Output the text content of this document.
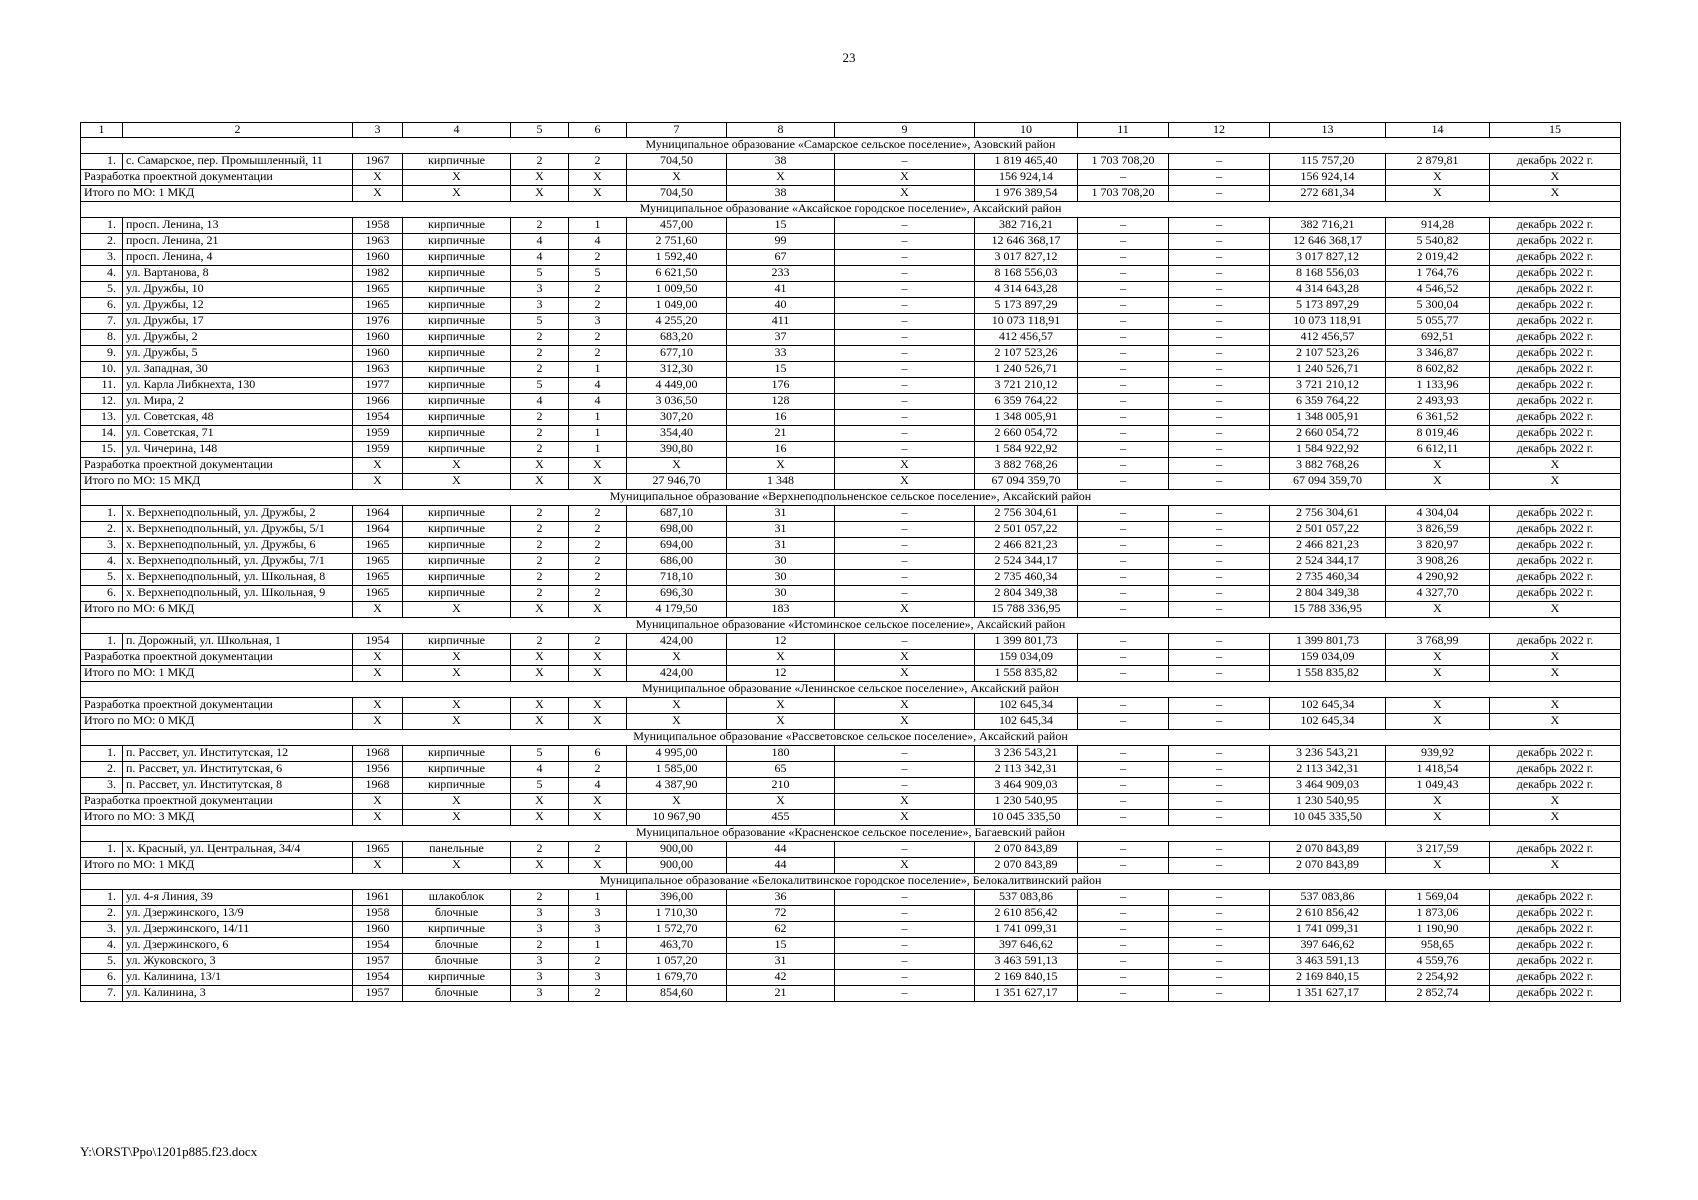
23
1	2	3	4	5	6	7	8	9	10	11	12	13	14	15
Муниципальное образование «Самарское сельское поселение», Азовский район														
1.	с. Самарское, пер. Промышленный, 11	1967	кирпичные	2	2	704,50	38	–	1 819 465,40	1 703 708,20	–	115 757,20	2 879,81	декабрь 2022 г.
Разработка проектной документации		X	X	X	X	X	X	X	156 924,14	–	–	156 924,14	X	X
Итого по МО: 1 МКД		X	X	X	X	704,50	38	X	1 976 389,54	1 703 708,20	–	272 681,34	X	X
Муниципальное образование «Аксайское городское поселение», Аксайский район														
1.	просп. Ленина, 13	1958	кирпичные	2	1	457,00	15	–	382 716,21	–	–	382 716,21	914,28	декабрь 2022 г.
2.	просп. Ленина, 21	1963	кирпичные	4	4	2 751,60	99	–	12 646 368,17	–	–	12 646 368,17	5 540,82	декабрь 2022 г.
3.	просп. Ленина, 4	1960	кирпичные	4	2	1 592,40	67	–	3 017 827,12	–	–	3 017 827,12	2 019,42	декабрь 2022 г.
4.	ул. Вартанова, 8	1982	кирпичные	5	5	6 621,50	233	–	8 168 556,03	–	–	8 168 556,03	1 764,76	декабрь 2022 г.
5.	ул. Дружбы, 10	1965	кирпичные	3	2	1 009,50	41	–	4 314 643,28	–	–	4 314 643,28	4 546,52	декабрь 2022 г.
6.	ул. Дружбы, 12	1965	кирпичные	3	2	1 049,00	40	–	5 173 897,29	–	–	5 173 897,29	5 300,04	декабрь 2022 г.
7.	ул. Дружбы, 17	1976	кирпичные	5	3	4 255,20	411	–	10 073 118,91	–	–	10 073 118,91	5 055,77	декабрь 2022 г.
8.	ул. Дружбы, 2	1960	кирпичные	2	2	683,20	37	–	412 456,57	–	–	412 456,57	692,51	декабрь 2022 г.
9.	ул. Дружбы, 5	1960	кирпичные	2	2	677,10	33	–	2 107 523,26	–	–	2 107 523,26	3 346,87	декабрь 2022 г.
10.	ул. Западная, 30	1963	кирпичные	2	1	312,30	15	–	1 240 526,71	–	–	1 240 526,71	8 602,82	декабрь 2022 г.
11.	ул. Карла Либкнехта, 130	1977	кирпичные	5	4	4 449,00	176	–	3 721 210,12	–	–	3 721 210,12	1 133,96	декабрь 2022 г.
12.	ул. Мира, 2	1966	кирпичные	4	4	3 036,50	128	–	6 359 764,22	–	–	6 359 764,22	2 493,93	декабрь 2022 г.
13.	ул. Советская, 48	1954	кирпичные	2	1	307,20	16	–	1 348 005,91	–	–	1 348 005,91	6 361,52	декабрь 2022 г.
14.	ул. Советская, 71	1959	кирпичные	2	1	354,40	21	–	2 660 054,72	–	–	2 660 054,72	8 019,46	декабрь 2022 г.
15.	ул. Чичерина, 148	1959	кирпичные	2	1	390,80	16	–	1 584 922,92	–	–	1 584 922,92	6 612,11	декабрь 2022 г.
Разработка проектной документации		X	X	X	X	X	X	X	3 882 768,26	–	–	3 882 768,26	X	X
Итого по МО: 15 МКД		X	X	X	X	27 946,70	1 348	X	67 094 359,70	–	–	67 094 359,70	X	X
Муниципальное образование «Верхнеподпольненское сельское поселение», Аксайский район														
1.	х. Верхнеподпольный, ул. Дружбы, 2	1964	кирпичные	2	2	687,10	31	–	2 756 304,61	–	–	2 756 304,61	4 304,04	декабрь 2022 г.
2.	х. Верхнеподпольный, ул. Дружбы, 5/1	1964	кирпичные	2	2	698,00	31	–	2 501 057,22	–	–	2 501 057,22	3 826,59	декабрь 2022 г.
3.	х. Верхнеподпольный, ул. Дружбы, 6	1965	кирпичные	2	2	694,00	31	–	2 466 821,23	–	–	2 466 821,23	3 820,97	декабрь 2022 г.
4.	х. Верхнеподпольный, ул. Дружбы, 7/1	1965	кирпичные	2	2	686,00	30	–	2 524 344,17	–	–	2 524 344,17	3 908,26	декабрь 2022 г.
5.	х. Верхнеподпольный, ул. Школьная, 8	1965	кирпичные	2	2	718,10	30	–	2 735 460,34	–	–	2 735 460,34	4 290,92	декабрь 2022 г.
6.	х. Верхнеподпольный, ул. Школьная, 9	1965	кирпичные	2	2	696,30	30	–	2 804 349,38	–	–	2 804 349,38	4 327,70	декабрь 2022 г.
Итого по МО: 6 МКД		X	X	X	X	4 179,50	183	X	15 788 336,95	–	–	15 788 336,95	X	X
Муниципальное образование «Истоминское сельское поселение», Аксайский район														
1.	п. Дорожный, ул. Школьная, 1	1954	кирпичные	2	2	424,00	12	–	1 399 801,73	–	–	1 399 801,73	3 768,99	декабрь 2022 г.
Разработка проектной документации		X	X	X	X	X	X	X	159 034,09	–	–	159 034,09	X	X
Итого по МО: 1 МКД		X	X	X	X	424,00	12	X	1 558 835,82	–	–	1 558 835,82	X	X
Муниципальное образование «Ленинское сельское поселение», Аксайский район														
Разработка проектной документации		X	X	X	X	X	X	X	102 645,34	–	–	102 645,34	X	X
Итого по МО: 0 МКД		X	X	X	X	X	X	X	102 645,34	–	–	102 645,34	X	X
Муниципальное образование «Рассветовское сельское поселение», Аксайский район														
1.	п. Рассвет, ул. Институтская, 12	1968	кирпичные	5	6	4 995,00	180	–	3 236 543,21	–	–	3 236 543,21	939,92	декабрь 2022 г.
2.	п. Рассвет, ул. Институтская, 6	1956	кирпичные	4	2	1 585,00	65	–	2 113 342,31	–	–	2 113 342,31	1 418,54	декабрь 2022 г.
3.	п. Рассвет, ул. Институтская, 8	1968	кирпичные	5	4	4 387,90	210	–	3 464 909,03	–	–	3 464 909,03	1 049,43	декабрь 2022 г.
Разработка проектной документации		X	X	X	X	X	X	X	1 230 540,95	–	–	1 230 540,95	X	X
Итого по МО: 3 МКД		X	X	X	X	10 967,90	455	X	10 045 335,50	–	–	10 045 335,50	X	X
Муниципальное образование «Красненское сельское поселение», Багаевский район														
1.	х. Красный, ул. Центральная, 34/4	1965	панельные	2	2	900,00	44	–	2 070 843,89	–	–	2 070 843,89	3 217,59	декабрь 2022 г.
Итого по МО: 1 МКД		X	X	X	X	900,00	44	X	2 070 843,89	–	–	2 070 843,89	X	X
Муниципальное образование «Белокалитвинское городское поселение», Белокалитвинский район														
1.	ул. 4-я Линия, 39	1961	шлакоблок	2	1	396,00	36	–	537 083,86	–	–	537 083,86	1 569,04	декабрь 2022 г.
2.	ул. Дзержинского, 13/9	1958	блочные	3	3	1 710,30	72	–	2 610 856,42	–	–	2 610 856,42	1 873,06	декабрь 2022 г.
3.	ул. Дзержинского, 14/11	1960	кирпичные	3	3	1 572,70	62	–	1 741 099,31	–	–	1 741 099,31	1 190,90	декабрь 2022 г.
4.	ул. Дзержинского, 6	1954	блочные	2	1	463,70	15	–	397 646,62	–	–	397 646,62	958,65	декабрь 2022 г.
5.	ул. Жуковского, 3	1957	блочные	3	2	1 057,20	31	–	3 463 591,13	–	–	3 463 591,13	4 559,76	декабрь 2022 г.
6.	ул. Калинина, 13/1	1954	кирпичные	3	3	1 679,70	42	–	2 169 840,15	–	–	2 169 840,15	2 254,92	декабрь 2022 г.
7.	ул. Калинина, 3	1957	блочные	3	2	854,60	21	–	1 351 627,17	–	–	1 351 627,17	2 852,74	декабрь 2022 г.
Y:\ORST\Ppo\1201p885.f23.docx
